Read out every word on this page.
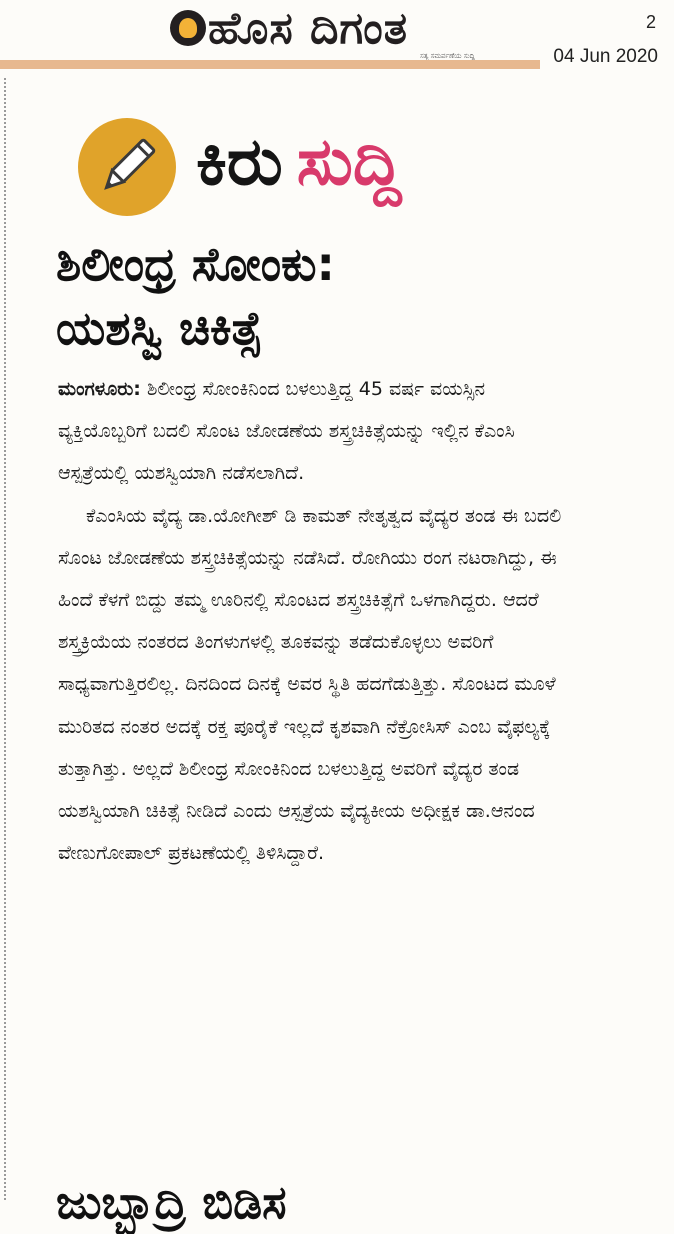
ಹೊಸ ದಿಗಂತ
ಸತ್ಯ ಸಮರ್ಪಣೆಯ ಸುದ್ದಿ
2
04 Jun 2020
ಕಿರು ಸುದ್ದಿ
ಶಿಲೀಂಧ್ರ ಸೋಂಕು:
ಯಶಸ್ವಿ ಚಿಕಿತ್ಸೆ

ಮಂಗಳೂರು: ಶಿಲೀಂಧ್ರ ಸೋಂಕಿನಿಂದ ಬಳಲುತ್ತಿದ್ದ 45 ವರ್ಷ ವಯಸ್ಸಿನ ವ್ಯಕ್ತಿಯೊಬ್ಬರಿಗೆ ಬದಲಿ ಸೊಂಟ ಜೋಡಣೆಯ ಶಸ್ತ್ರಚಿಕಿತ್ಸೆಯನ್ನು ಇಲ್ಲಿನ ಕೆಎಂಸಿ ಆಸ್ಪತ್ರೆಯಲ್ಲಿ ಯಶಸ್ವಿಯಾಗಿ ನಡೆಸಲಾಗಿದೆ.

ಕೆಎಂಸಿಯ ವೈದ್ಯ ಡಾ.ಯೋಗೀಶ್ ಡಿ ಕಾಮತ್ ನೇತೃತ್ವದ ವೈದ್ಯರ ತಂಡ ಈ ಬದಲಿ ಸೊಂಟ ಜೋಡಣೆಯ ಶಸ್ತ್ರಚಿಕಿತ್ಸೆಯನ್ನು ನಡೆಸಿದೆ. ರೋಗಿಯು ರಂಗ ನಟರಾಗಿದ್ದು, ಈ ಹಿಂದೆ ಕೆಳಗೆ ಬಿದ್ದು ತಮ್ಮ ಊರಿನಲ್ಲಿ ಸೊಂಟದ ಶಸ್ತ್ರಚಿಕಿತ್ಸೆಗೆ ಒಳಗಾಗಿದ್ದರು. ಆದರೆ ಶಸ್ತ್ರಕ್ರಿಯೆಯ ನಂತರದ ತಿಂಗಳುಗಳಲ್ಲಿ ತೂಕವನ್ನು ತಡೆದುಕೊಳ್ಳಲು ಅವರಿಗೆ ಸಾಧ್ಯವಾಗುತ್ತಿರಲಿಲ್ಲ. ದಿನದಿಂದ ದಿನಕ್ಕೆ ಅವರ ಸ್ಥಿತಿ ಹದಗೆಡುತ್ತಿತ್ತು. ಸೊಂಟದ ಮೂಳೆ ಮುರಿತದ ನಂತರ ಅದಕ್ಕೆ ರಕ್ತ ಪೂರೈಕೆ ಇಲ್ಲದೆ ಕೃಶವಾಗಿ ನೆಕ್ರೋಸಿಸ್ ಎಂಬ ವೈಫಲ್ಯಕ್ಕೆ ತುತ್ತಾಗಿತ್ತು. ಅಲ್ಲದೆ ಶಿಲೀಂಧ್ರ ಸೋಂಕಿನಿಂದ ಬಳಲುತ್ತಿದ್ದ ಅವರಿಗೆ ವೈದ್ಯರ ತಂಡ ಯಶಸ್ವಿಯಾಗಿ ಚಿಕಿತ್ಸೆ ನೀಡಿದೆ ಎಂದು ಆಸ್ಪತ್ರೆಯ ವೈದ್ಯಕೀಯ ಅಧೀಕ್ಷಕ ಡಾ.ಆನಂದ ವೇಣುಗೋಪಾಲ್ ಪ್ರಕಟಣೆಯಲ್ಲಿ ತಿಳಿಸಿದ್ದಾರೆ.

ಜುಬ್ಬಾದ್ರಿ ಬಿಡಿಸ
